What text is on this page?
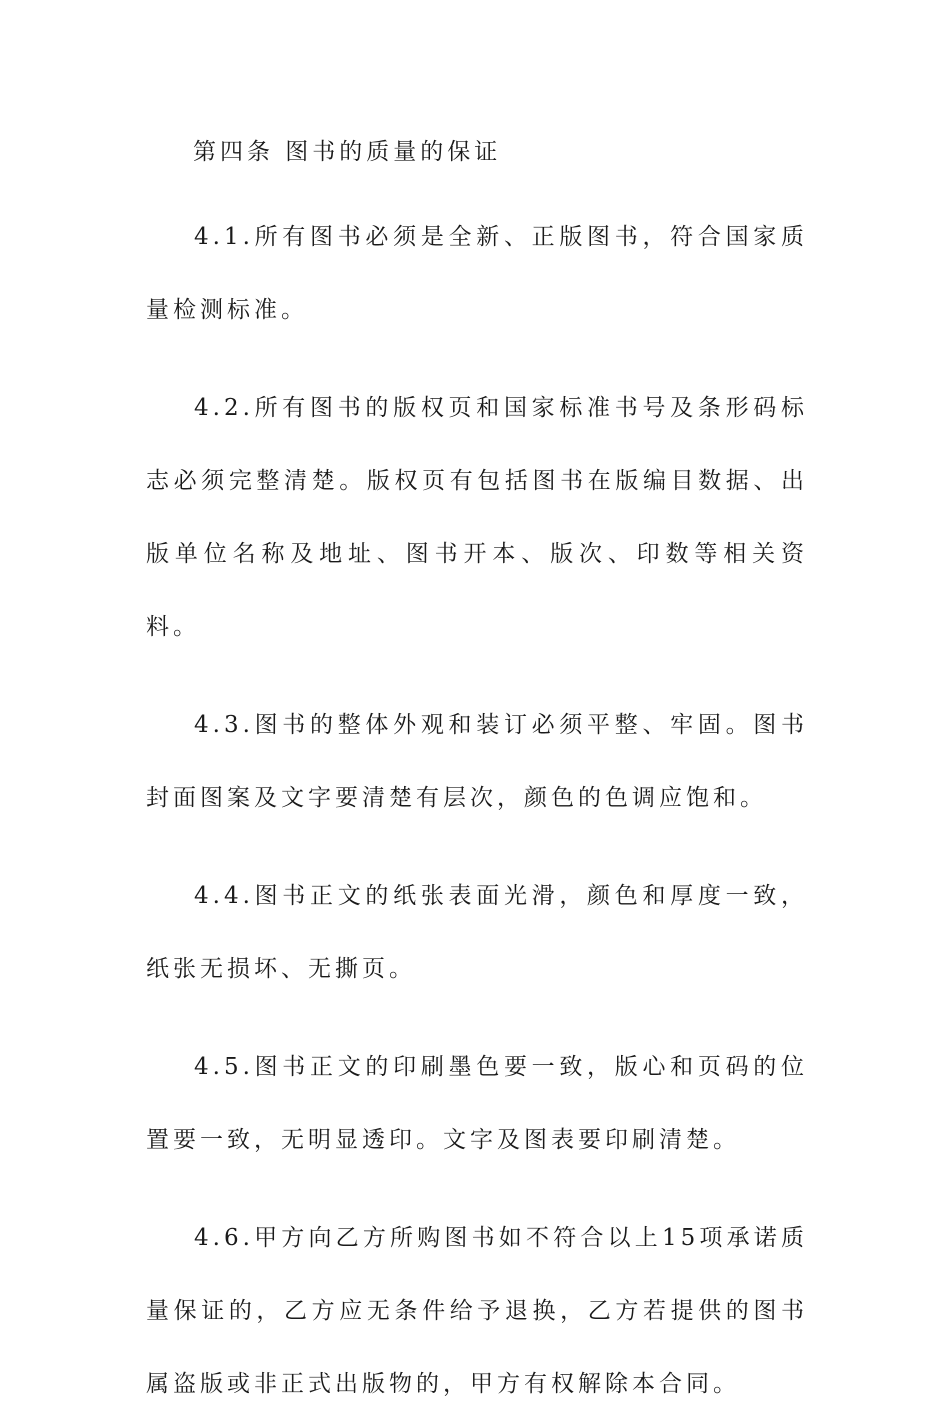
第四条 图书的质量的保证

4.1.所有图书必须是全新、正版图书，符合国家质量检测标准。

4.2.所有图书的版权页和国家标准书号及条形码标志必须完整清楚。版权页有包括图书在版编目数据、出版单位名称及地址、图书开本、版次、印数等相关资料。

4.3.图书的整体外观和装订必须平整、牢固。图书封面图案及文字要清楚有层次，颜色的色调应饱和。

4.4.图书正文的纸张表面光滑，颜色和厚度一致，纸张无损坏、无撕页。

4.5.图书正文的印刷墨色要一致，版心和页码的位置要一致，无明显透印。文字及图表要印刷清楚。

4.6.甲方向乙方所购图书如不符合以上15项承诺质量保证的，乙方应无条件给予退换，乙方若提供的图书属盗版或非正式出版物的，甲方有权解除本合同。
